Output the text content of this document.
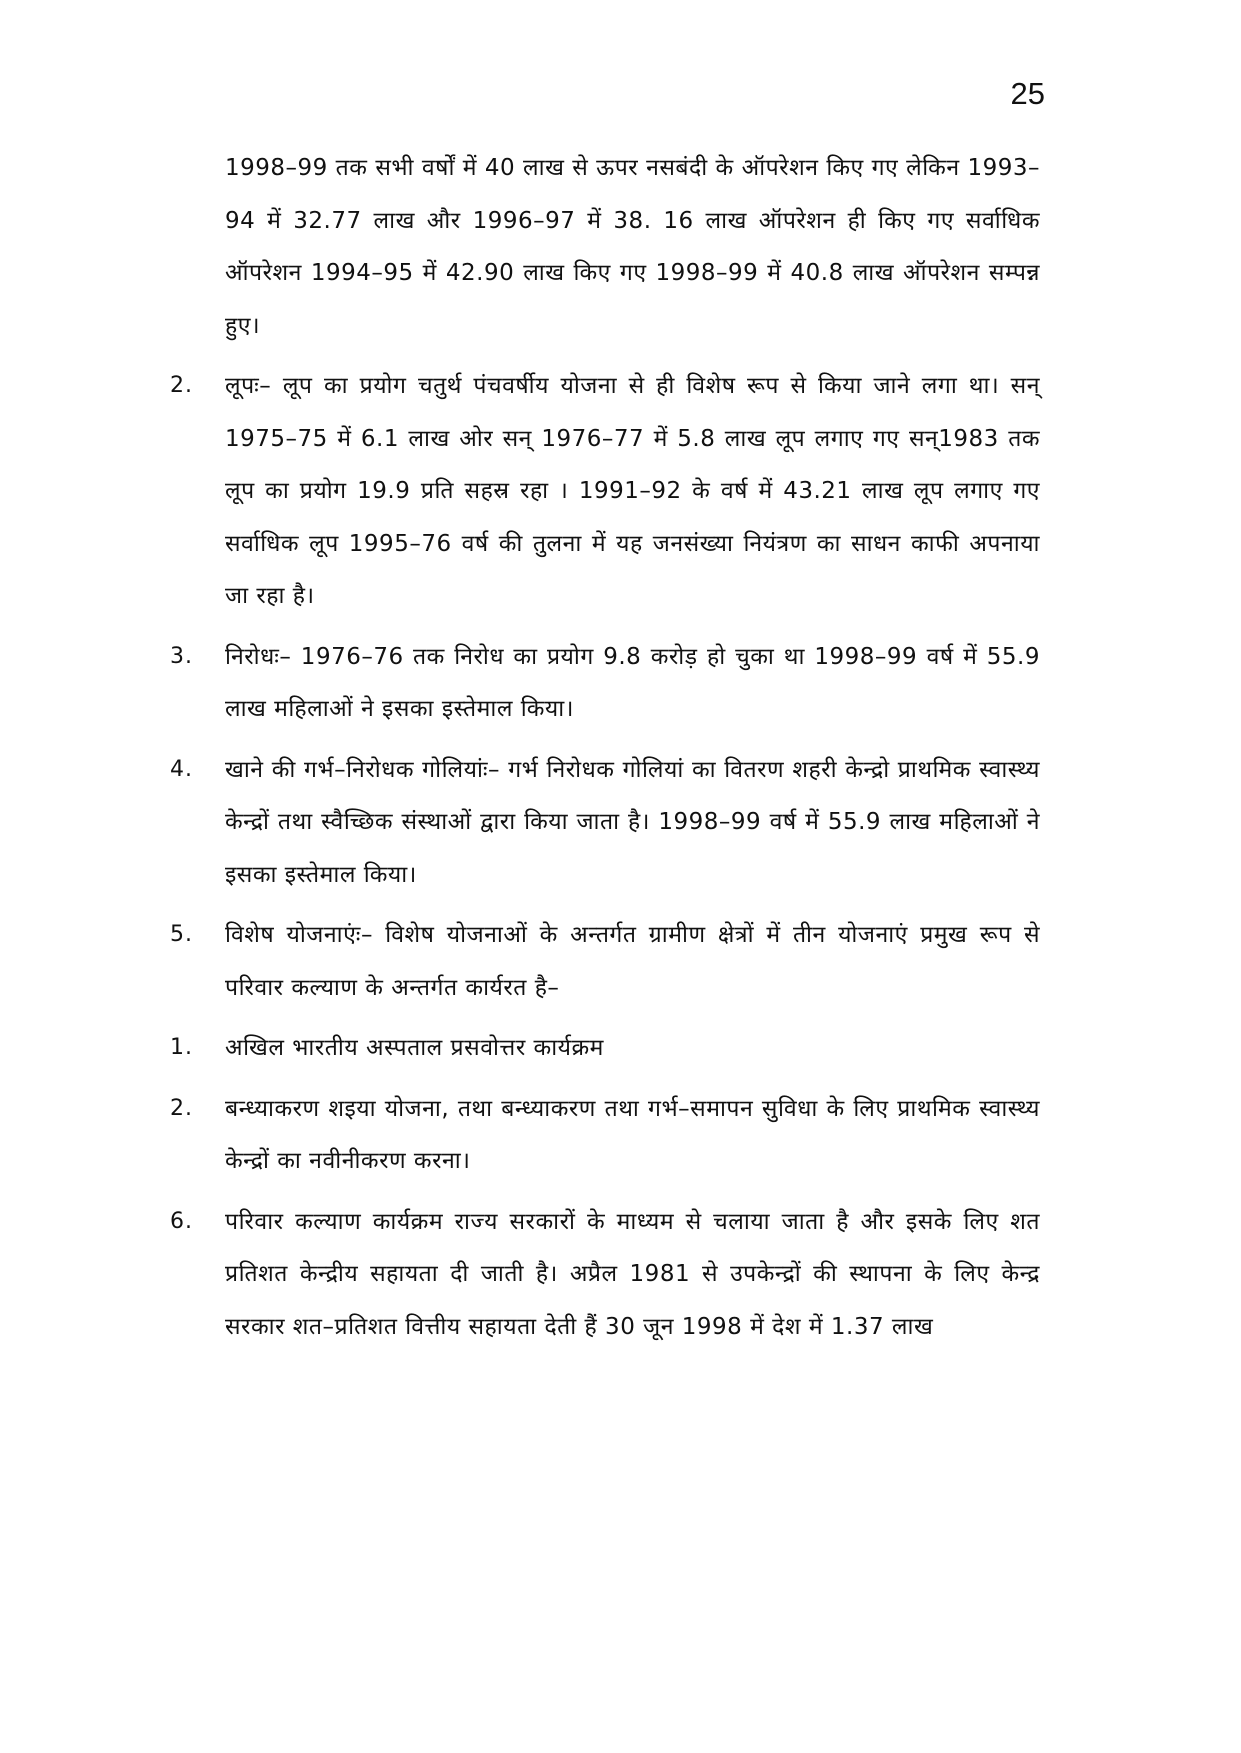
25

1998–99 तक सभी वर्षों में 40 लाख से ऊपर नसबंदी के ऑपरेशन किए गए लेकिन 1993–94 में 32.77 लाख और 1996–97 में 38. 16 लाख ऑपरेशन ही किए गए सर्वाधिक ऑपरेशन 1994–95 में 42.90 लाख किए गए 1998–99 में 40.8 लाख ऑपरेशन सम्पन्न हुए।

2.	लूपः– लूप का प्रयोग चतुर्थ पंचवर्षीय योजना से ही विशेष रूप से किया जाने लगा था। सन् 1975–75 में 6.1 लाख ओर सन् 1976–77 में 5.8 लाख लूप लगाए गए सन्1983 तक लूप का प्रयोग 19.9 प्रति सहस्र रहा । 1991–92 के वर्ष में 43.21 लाख लूप लगाए गए सर्वाधिक लूप 1995–76 वर्ष की तुलना में यह जनसंख्या नियंत्रण का साधन काफी अपनाया जा रहा है।

3.	निरोधः– 1976–76 तक निरोध का प्रयोग 9.8 करोड़ हो चुका था 1998–99 वर्ष में 55.9 लाख महिलाओं ने इसका इस्तेमाल किया।

4.	खाने की गर्भ–निरोधक गोलियांः– गर्भ निरोधक गोलियां का वितरण शहरी केन्द्रो प्राथमिक स्वास्थ्य केन्द्रों तथा स्वैच्छिक संस्थाओं द्वारा किया जाता है। 1998–99 वर्ष में 55.9 लाख महिलाओं ने इसका इस्तेमाल किया।

5.	विशेष योजनाएंः– विशेष योजनाओं के अन्तर्गत ग्रामीण क्षेत्रों में तीन योजनाएं प्रमुख रूप से परिवार कल्याण के अन्तर्गत कार्यरत है–

1.	अखिल भारतीय अस्पताल प्रसवोत्तर कार्यक्रम

2.	बन्ध्याकरण शइया योजना, तथा बन्ध्याकरण तथा गर्भ–समापन सुविधा के लिए प्राथमिक स्वास्थ्य केन्द्रों का नवीनीकरण करना।

6.	परिवार कल्याण कार्यक्रम राज्य सरकारों के माध्यम से चलाया जाता है और इसके लिए शत प्रतिशत केन्द्रीय सहायता दी जाती है। अप्रैल 1981 से उपकेन्द्रों की स्थापना के लिए केन्द्र सरकार शत–प्रतिशत वित्तीय सहायता देती हैं 30 जून 1998 में देश में 1.37 लाख
